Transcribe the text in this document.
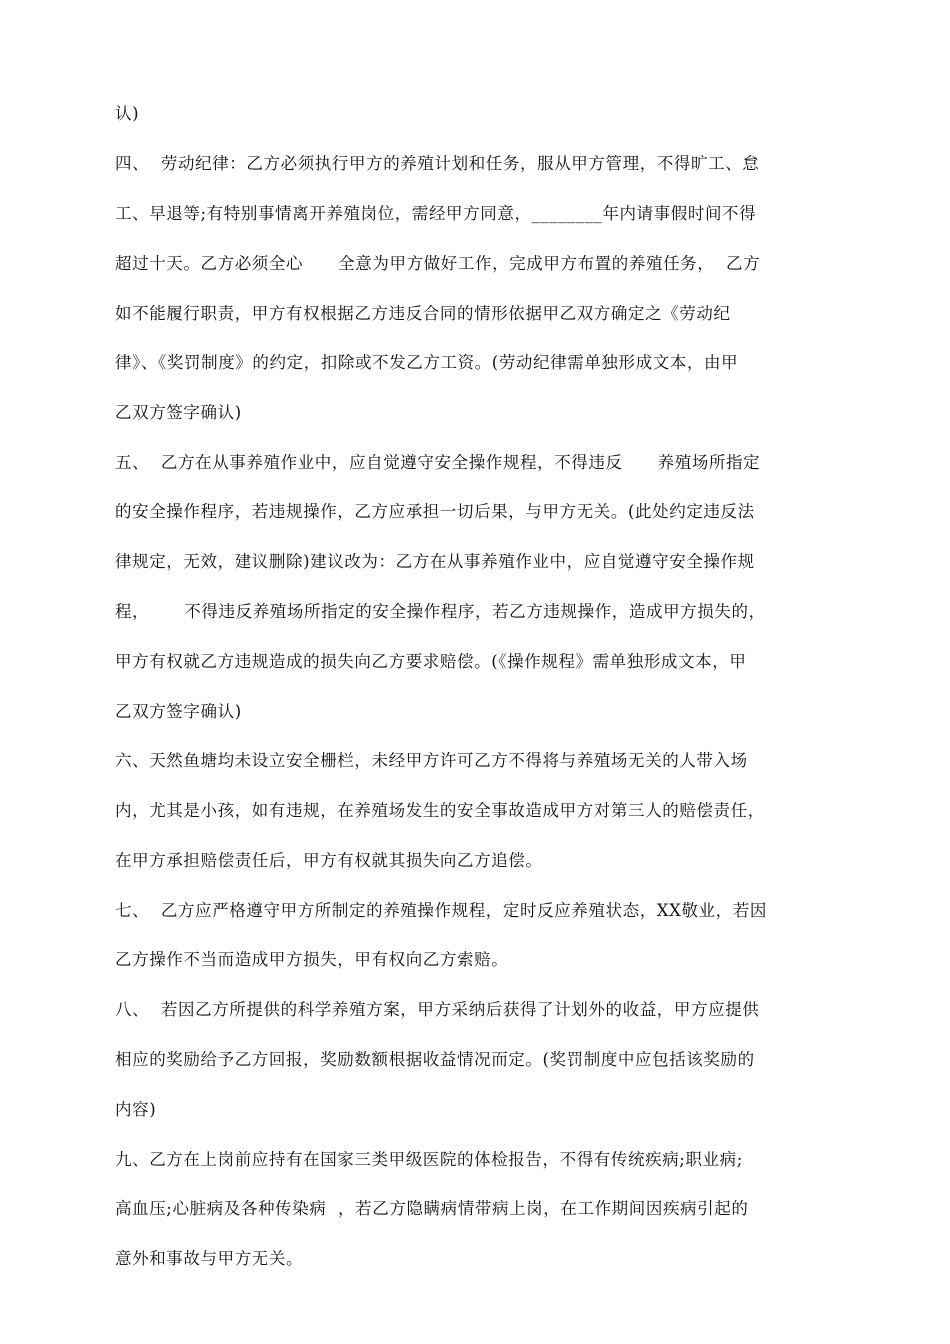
认)
四、  劳动纪律：乙方必须执行甲方的养殖计划和任务，服从甲方管理，不得旷工、怠
工、早退等;有特别事情离开养殖岗位，需经甲方同意，________年内请事假时间不得
超过十天。乙方必须全心      全意为甲方做好工作，完成甲方布置的养殖任务，  乙方
如不能履行职责，甲方有权根据乙方违反合同的情形依据甲乙双方确定之《劳动纪
律》、《奖罚制度》的约定，扣除或不发乙方工资。(劳动纪律需单独形成文本，由甲
乙双方签字确认)
五、  乙方在从事养殖作业中，应自觉遵守安全操作规程，不得违反      养殖场所指定
的安全操作程序，若违规操作，乙方应承担一切后果，与甲方无关。(此处约定违反法
律规定，无效，建议删除)建议改为：乙方在从事养殖作业中，应自觉遵守安全操作规
程，      不得违反养殖场所指定的安全操作程序，若乙方违规操作，造成甲方损失的，
甲方有权就乙方违规造成的损失向乙方要求赔偿。(《操作规程》需单独形成文本，甲
乙双方签字确认)
六、天然鱼塘均未设立安全栅栏，未经甲方许可乙方不得将与养殖场无关的人带入场
内，尤其是小孩，如有违规，在养殖场发生的安全事故造成甲方对第三人的赔偿责任，
在甲方承担赔偿责任后，甲方有权就其损失向乙方追偿。
七、  乙方应严格遵守甲方所制定的养殖操作规程，定时反应养殖状态，XX敬业，若因
乙方操作不当而造成甲方损失，甲有权向乙方索赔。
八、  若因乙方所提供的科学养殖方案，甲方采纳后获得了计划外的收益，甲方应提供
相应的奖励给予乙方回报，奖励数额根据收益情况而定。(奖罚制度中应包括该奖励的
内容)
九、乙方在上岗前应持有在国家三类甲级医院的体检报告，不得有传统疾病;职业病;
高血压;心脏病及各种传染病  ，若乙方隐瞒病情带病上岗，在工作期间因疾病引起的
意外和事故与甲方无关。
